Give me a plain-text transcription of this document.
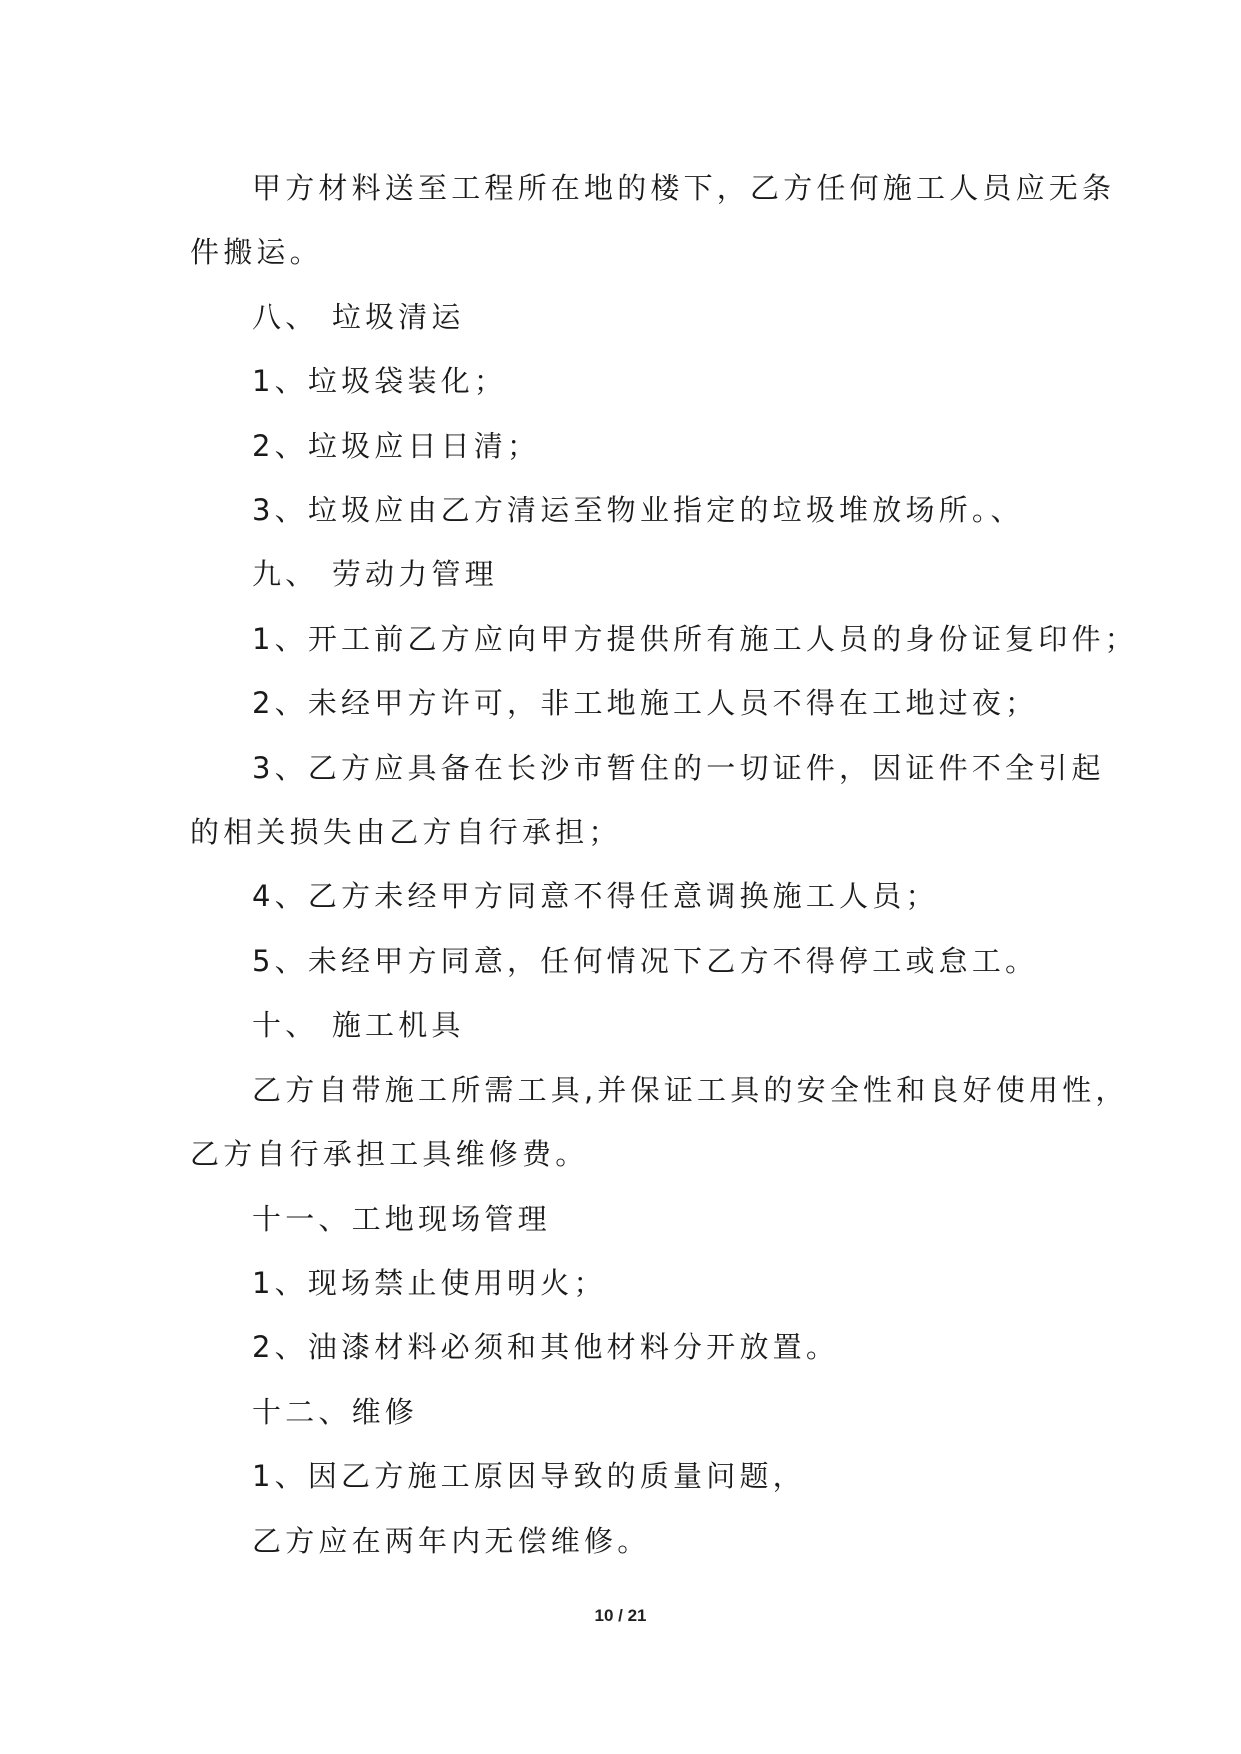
甲方材料送至工程所在地的楼下，乙方任何施工人员应无条

件搬运。

八、 垃圾清运

1、垃圾袋装化；

2、垃圾应日日清；

3、垃圾应由乙方清运至物业指定的垃圾堆放场所。、

九、 劳动力管理

1、开工前乙方应向甲方提供所有施工人员的身份证复印件；

2、未经甲方许可，非工地施工人员不得在工地过夜；

3、乙方应具备在长沙市暂住的一切证件，因证件不全引起

的相关损失由乙方自行承担；

4、乙方未经甲方同意不得任意调换施工人员；

5、未经甲方同意，任何情况下乙方不得停工或怠工。

十、 施工机具

乙方自带施工所需工具,并保证工具的安全性和良好使用性，

乙方自行承担工具维修费。

十一、工地现场管理

1、现场禁止使用明火；

2、油漆材料必须和其他材料分开放置。

十二、维修

1、因乙方施工原因导致的质量问题，

乙方应在两年内无偿维修。

10 / 21
